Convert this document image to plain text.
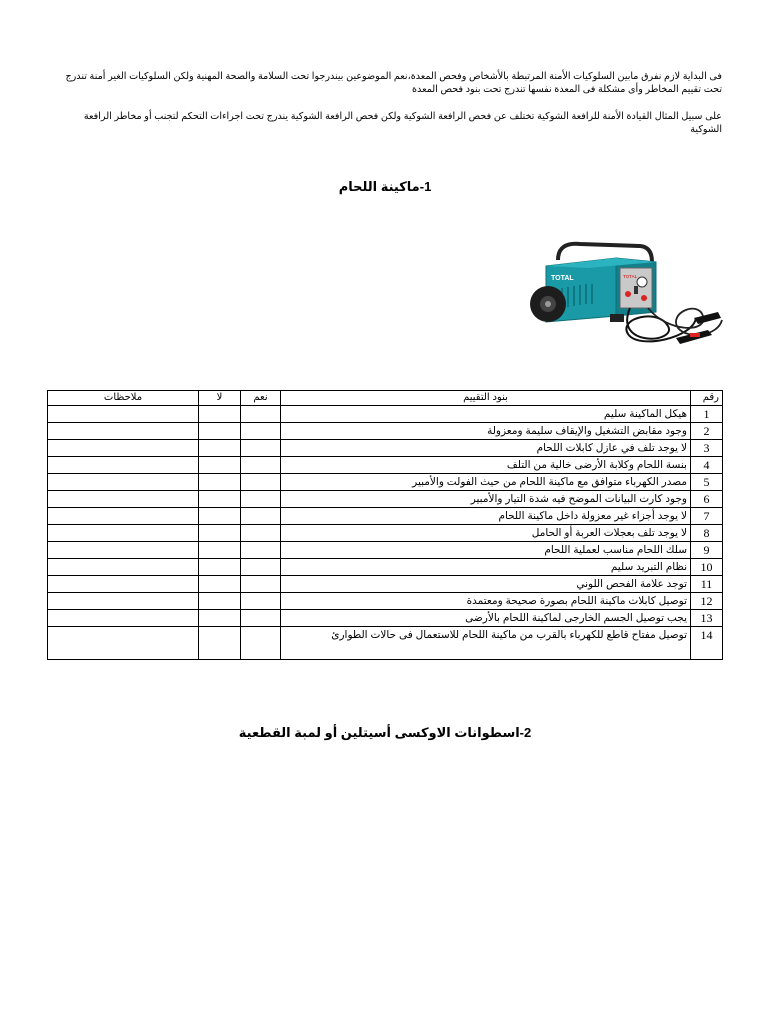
فى البداية لازم نفرق مابين السلوكيات الأمنة المرتبطة بالأشخاص وفحص المعدة،نعم الموضوعين بيندرجوا تحت السلامة والصحة المهنية ولكن السلوكيات الغير أمنة تندرج تحت تقييم المخاطر وأى مشكلة فى المعدة نفسها تندرج تحت بنود فحص المعدة
على سبيل المثال القيادة الأمنة للرافعة الشوكية تختلف عن فحص الرافعة الشوكية ولكن فحص الرافعة الشوكية يندرج تحت اجراءات التحكم لتجنب أو مخاطر الرافعة الشوكية
1-ماكينة اللحام
TOTAL	TOTAL
رقم	بنود التقييم	نعم	لا	ملاحظات
1	هيكل الماكينة سليم			
2	وجود مقابض التشغيل والإيقاف سليمة ومعزولة			
3	لا يوجد تلف في عازل كابلات اللحام			
4	بنسة اللحام وكلابة الأرضى خالية من التلف			
5	مصدر الكهرباء متوافق مع ماكينة اللحام من حيث الفولت والأمبير			
6	وجود كارت البيانات الموضح فيه شدة التيار والأمبير			
7	لا يوجد أجزاء غير معزولة داخل ماكينة اللحام			
8	لا يوجد تلف بعجلات العربة أو الحامل			
9	سلك اللحام مناسب لعملية اللحام			
10	نظام التبريد سليم			
11	توجد علامة الفحص اللوني			
12	توصيل كابلات ماكينة اللحام بصورة صحيحة ومعتمدة			
13	يجب توصيل الجسم الخارجى لماكينة اللحام بالأرضى			
14	توصيل مفتاح قاطع للكهرباء بالقرب من ماكينة اللحام للاستعمال فى حالات الطوارئ			
2-اسطوانات الاوكسى أسيتلين أو لمبة القطعية
